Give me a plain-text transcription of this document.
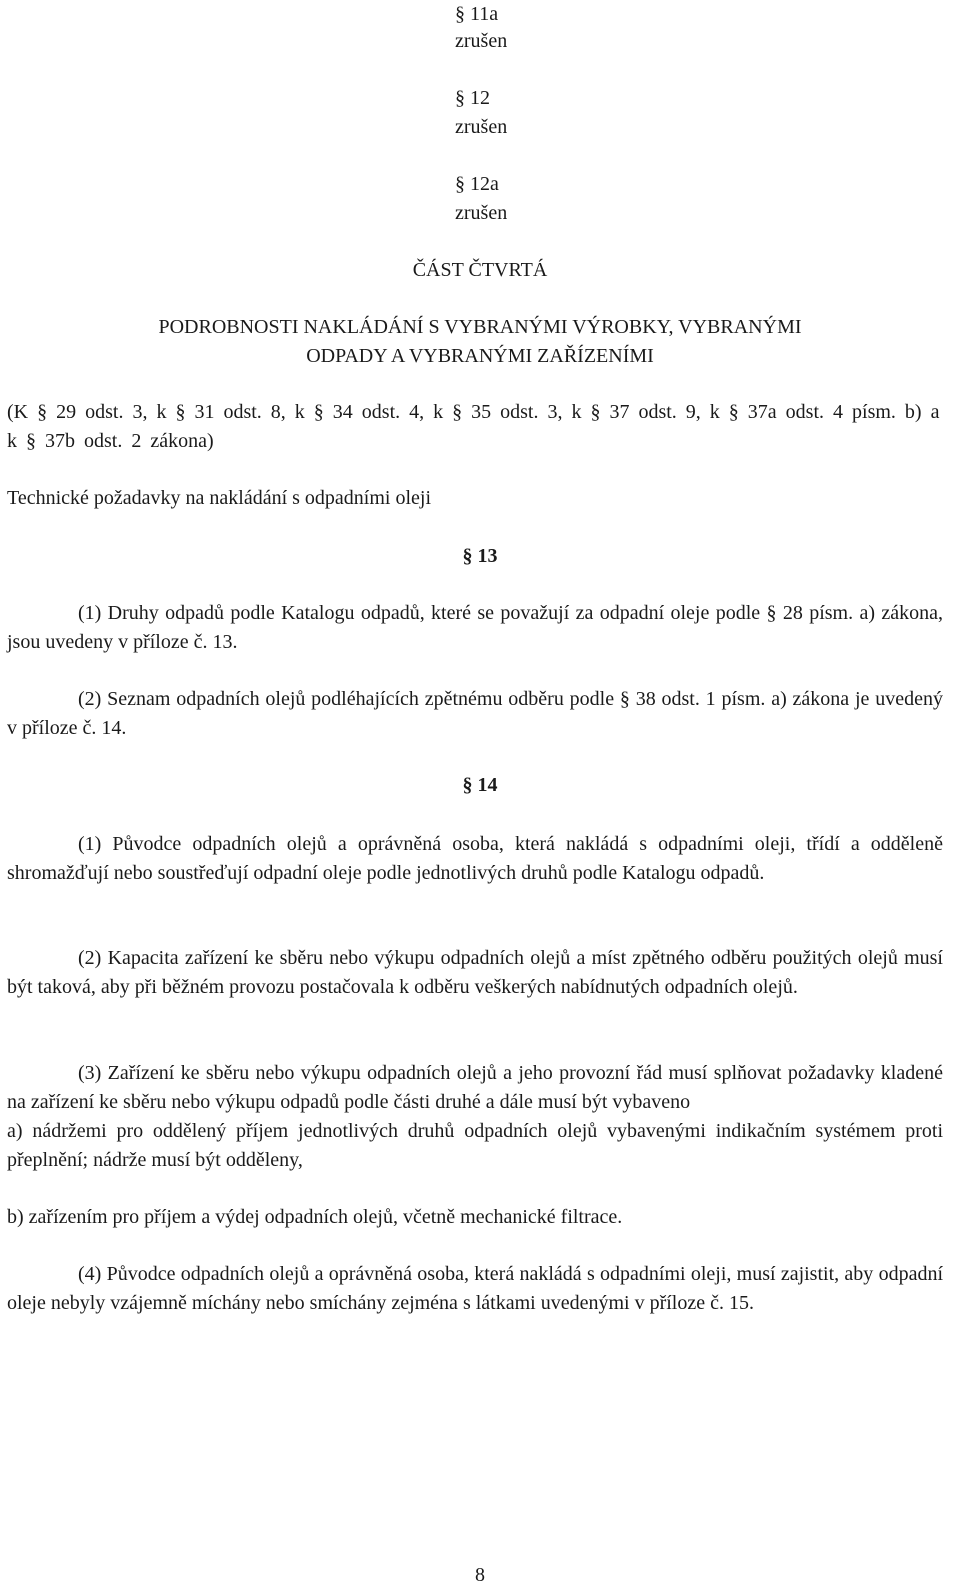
§ 11a
zrušen
§ 12
zrušen
§ 12a
zrušen
ČÁST ČTVRTÁ
PODROBNOSTI NAKLÁDÁNÍ S VYBRANÝMI VÝROBKY, VYBRANÝMI
ODPADY A VYBRANÝMI ZAŘÍZENÍMI
(K § 29 odst. 3, k § 31 odst. 8, k § 34 odst. 4, k § 35 odst. 3, k § 37 odst. 9, k § 37a odst. 4 písm. b) a k § 37b odst. 2 zákona)
Technické požadavky na nakládání s odpadními oleji
§ 13
(1) Druhy odpadů podle Katalogu odpadů, které se považují za odpadní oleje podle § 28 písm. a) zákona, jsou uvedeny v příloze č. 13.
(2) Seznam odpadních olejů podléhajících zpětnému odběru podle § 38 odst. 1 písm. a) zákona je uvedený v příloze č. 14.
§ 14
(1) Původce odpadních olejů a oprávněná osoba, která nakládá s odpadními oleji, třídí a odděleně shromažďují nebo soustřeďují odpadní oleje podle jednotlivých druhů podle Katalogu odpadů.
(2) Kapacita zařízení ke sběru nebo výkupu odpadních olejů a míst zpětného odběru použitých olejů musí být taková, aby při běžném provozu postačovala k odběru veškerých nabídnutých odpadních olejů.
(3) Zařízení ke sběru nebo výkupu odpadních olejů a jeho provozní řád musí splňovat požadavky kladené na zařízení ke sběru nebo výkupu odpadů podle části druhé a dále musí být vybaveno
a) nádržemi pro oddělený příjem jednotlivých druhů odpadních olejů vybavenými indikačním systémem proti přeplnění; nádrže musí být odděleny,
b) zařízením pro příjem a výdej odpadních olejů, včetně mechanické filtrace.
(4) Původce odpadních olejů a oprávněná osoba, která nakládá s odpadními oleji, musí zajistit, aby odpadní oleje nebyly vzájemně míchány nebo smíchány zejména s látkami uvedenými v příloze č. 15.
8
